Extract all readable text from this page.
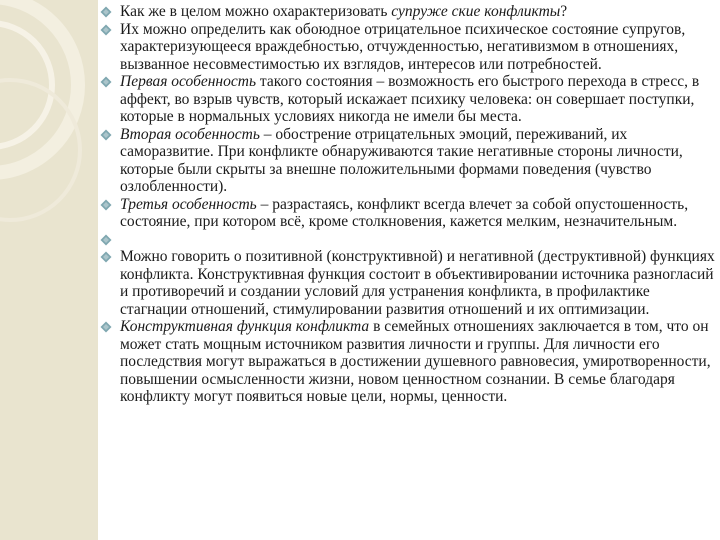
Как же в целом можно охарактеризовать супруже ские конфликты?
Их можно определить как обоюдное отрицательное психическое состояние супругов, характеризующееся враждебностью, отчужденностью, негативизмом в отношениях, вызванное несовместимостью их взглядов, интересов или потребностей.
Первая особенность такого состояния – возможность его быстрого перехода в стресс, в аффект, во взрыв чувств, который искажает психику человека: он совершает поступки, которые в нормальных условиях никогда не имели бы места.
Вторая особенность – обострение отрицательных эмоций, переживаний, их саморазвитие. При конфликте обнаруживаются такие негативные стороны личности, которые были скрыты за внешне положительными формами поведения (чувство озлобленности).
Третья особенность – разрастаясь, конфликт всегда влечет за собой опустошенность, состояние, при котором всё, кроме столкновения, кажется мелким, незначительным.
Можно говорить о позитивной (конструктивной) и негативной (деструктивной) функциях конфликта. Конструктивная функция состоит в объективировании источника разногласий и противоречий и создании условий для устранения конфликта, в профилактике стагнации отношений, стимулировании развития отношений и их оптимизации.
Конструктивная функция конфликта в семейных отношениях заключается в том, что он может стать мощным источником развития личности и группы. Для личности его последствия могут выражаться в достижении душевного равновесия, умиротворенности, повышении осмысленности жизни, новом ценностном сознании. В семье благодаря конфликту могут появиться новые цели, нормы, ценности.
